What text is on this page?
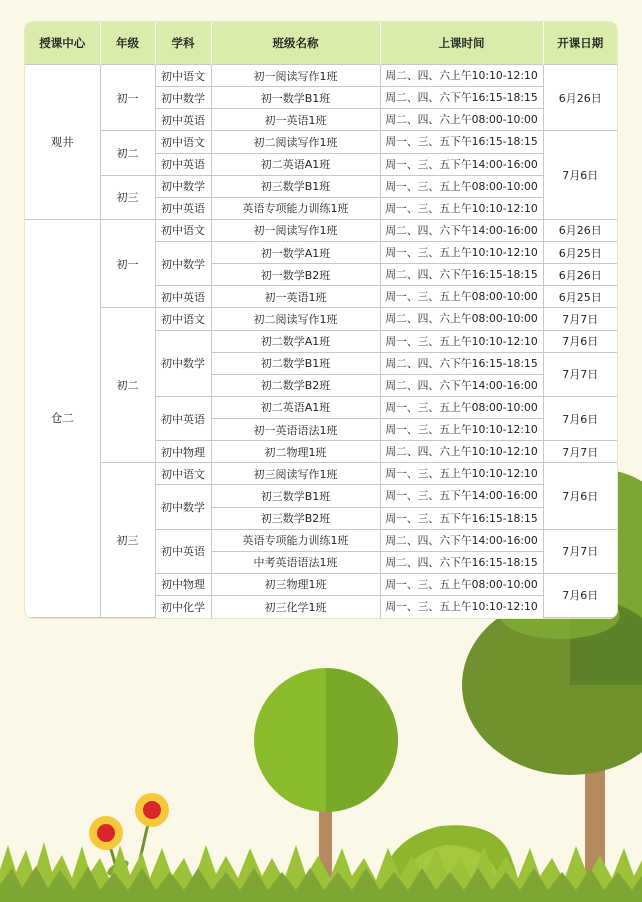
授课中心	年级	学科	班级名称	上课时间	开课日期
观井	初一	初中语文	初一阅读写作1班	周二、四、六上午10:10-12:10	6月26日
		初中数学	初一数学B1班	周二、四、六下午16:15-18:15	
		初中英语	初一英语1班	周二、四、六上午08:00-10:00	
	初二	初中语文	初二阅读写作1班	周一、三、五下午16:15-18:15	7月6日
		初中英语	初二英语A1班	周一、三、五下午14:00-16:00	
	初三	初中数学	初三数学B1班	周一、三、五上午08:00-10:00	
		初中英语	英语专项能力训练1班	周一、三、五上午10:10-12:10	
仓二	初一	初中语文	初一阅读写作1班	周二、四、六下午14:00-16:00	6月26日
		初中数学	初一数学A1班	周一、三、五上午10:10-12:10	6月25日
			初一数学B2班	周二、四、六下午16:15-18:15	6月26日
		初中英语	初一英语1班	周一、三、五上午08:00-10:00	6月25日
	初二	初中语文	初二阅读写作1班	周二、四、六上午08:00-10:00	7月7日
		初中数学	初二数学A1班	周一、三、五上午10:10-12:10	7月6日
			初二数学B1班	周二、四、六下午16:15-18:15	7月7日
			初二数学B2班	周二、四、六下午14:00-16:00	
		初中英语	初二英语A1班	周一、三、五上午08:00-10:00	7月6日
			初一英语语法1班	周一、三、五上午10:10-12:10	
		初中物理	初二物理1班	周二、四、六上午10:10-12:10	7月7日
	初三	初中语文	初三阅读写作1班	周一、三、五上午10:10-12:10	7月6日
		初中数学	初三数学B1班	周一、三、五下午14:00-16:00	
			初三数学B2班	周一、三、五下午16:15-18:15	
		初中英语	英语专项能力训练1班	周二、四、六下午14:00-16:00	7月7日
			中考英语语法1班	周二、四、六下午16:15-18:15	
		初中物理	初三物理1班	周一、三、五上午08:00-10:00	7月6日
		初中化学	初三化学1班	周一、三、五上午10:10-12:10	
